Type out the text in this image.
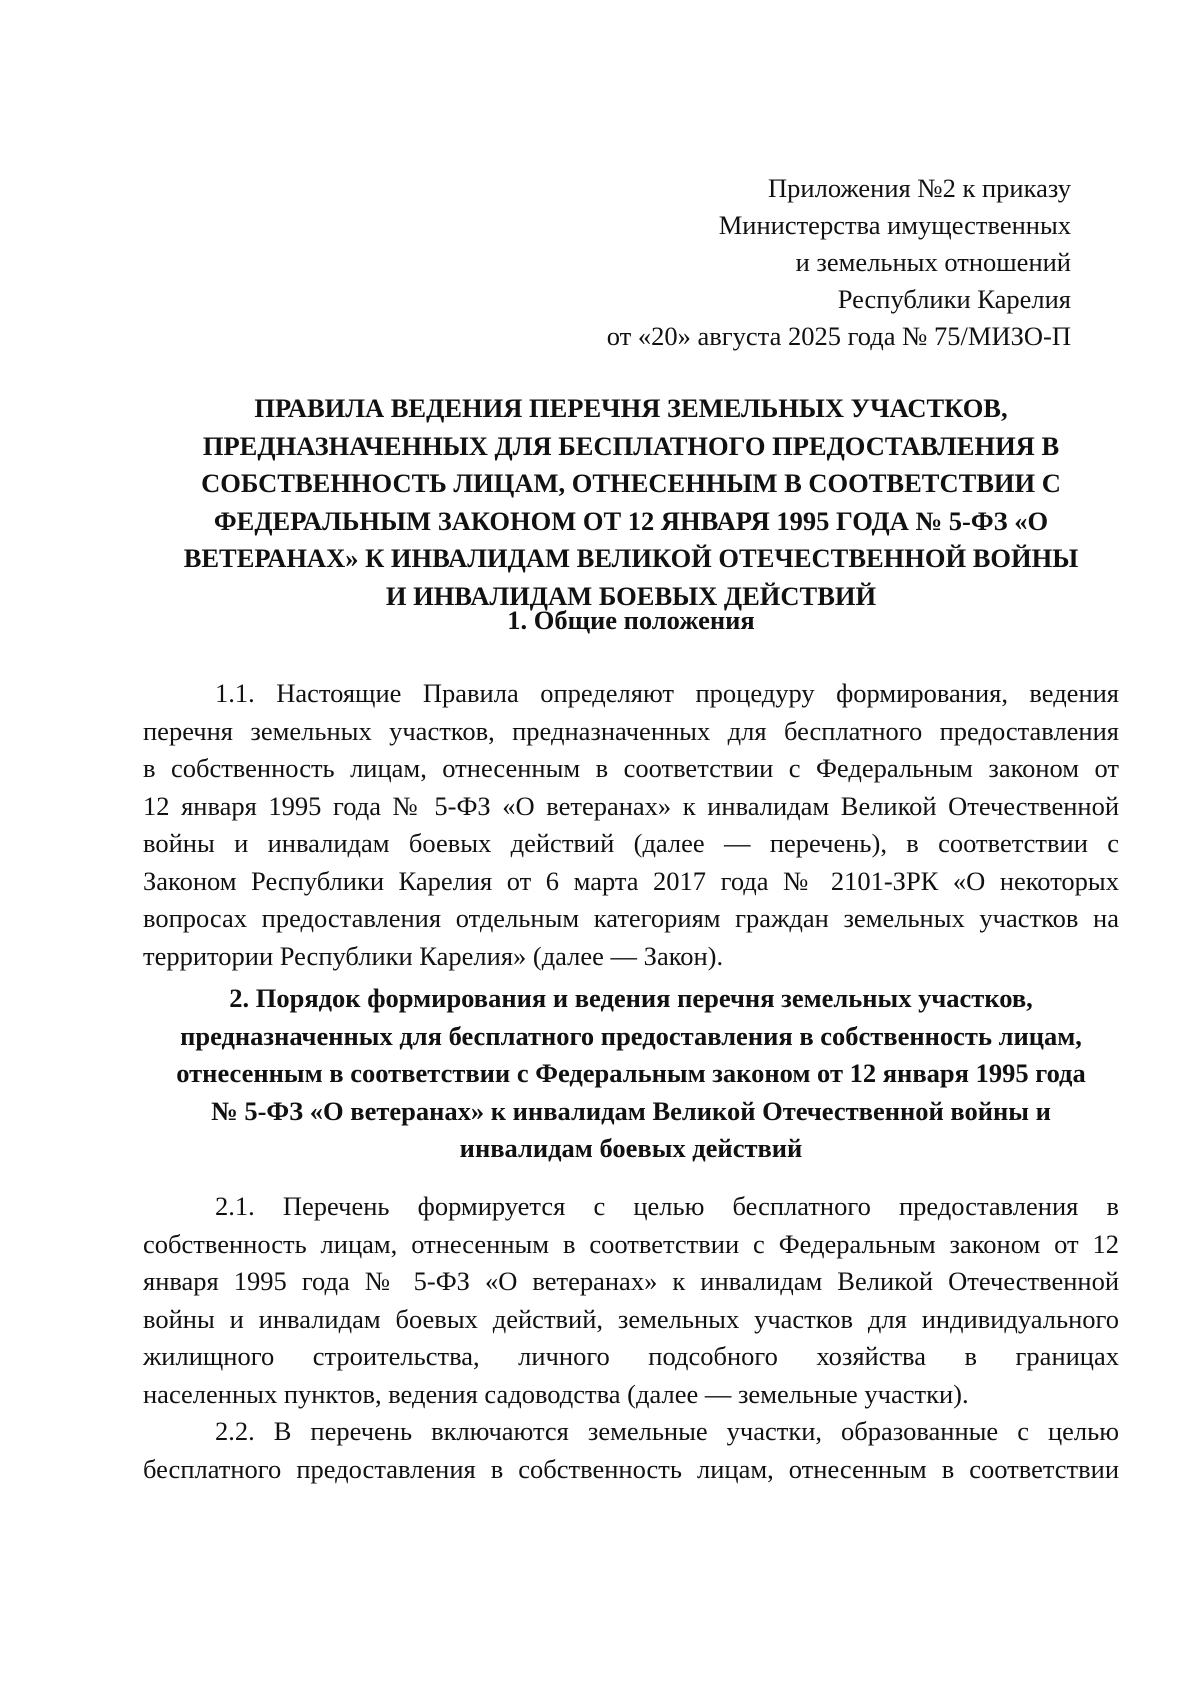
Приложения №2 к приказу
Министерства имущественных
и земельных отношений
Республики Карелия
от «20» августа 2025 года № 75/МИЗО-П
ПРАВИЛА ВЕДЕНИЯ ПЕРЕЧНЯ ЗЕМЕЛЬНЫХ УЧАСТКОВ,
ПРЕДНАЗНАЧЕННЫХ ДЛЯ БЕСПЛАТНОГО ПРЕДОСТАВЛЕНИЯ В
СОБСТВЕННОСТЬ ЛИЦАМ, ОТНЕСЕННЫМ В СООТВЕТСТВИИ С
ФЕДЕРАЛЬНЫМ ЗАКОНОМ ОТ 12 ЯНВАРЯ 1995 ГОДА № 5-ФЗ «О
ВЕТЕРАНАХ» К ИНВАЛИДАМ ВЕЛИКОЙ ОТЕЧЕСТВЕННОЙ ВОЙНЫ
И ИНВАЛИДАМ БОЕВЫХ ДЕЙСТВИЙ
1. Общие положения
1.1. Настоящие Правила определяют процедуру формирования, ведения
перечня земельных участков, предназначенных для бесплатного предоставления
в собственность лицам, отнесенным в соответствии с Федеральным законом от
12 января 1995 года № 5-ФЗ «О ветеранах» к инвалидам Великой Отечественной
войны и инвалидам боевых действий (далее — перечень), в соответствии с
Законом Республики Карелия от 6 марта 2017 года № 2101-ЗРК «О некоторых
вопросах предоставления отдельным категориям граждан земельных участков на
территории Республики Карелия» (далее — Закон).
2. Порядок формирования и ведения перечня земельных участков,
предназначенных для бесплатного предоставления в собственность лицам,
отнесенным в соответствии с Федеральным законом от 12 января 1995 года
№ 5-ФЗ «О ветеранах» к инвалидам Великой Отечественной войны и
инвалидам боевых действий
2.1. Перечень формируется с целью бесплатного предоставления в
собственность лицам, отнесенным в соответствии с Федеральным законом от 12
января 1995 года № 5-ФЗ «О ветеранах» к инвалидам Великой Отечественной
войны и инвалидам боевых действий, земельных участков для индивидуального
жилищного строительства, личного подсобного хозяйства в границах
населенных пунктов, ведения садоводства (далее — земельные участки).
2.2. В перечень включаются земельные участки, образованные с целью
бесплатного предоставления в собственность лицам, отнесенным в соответствии
